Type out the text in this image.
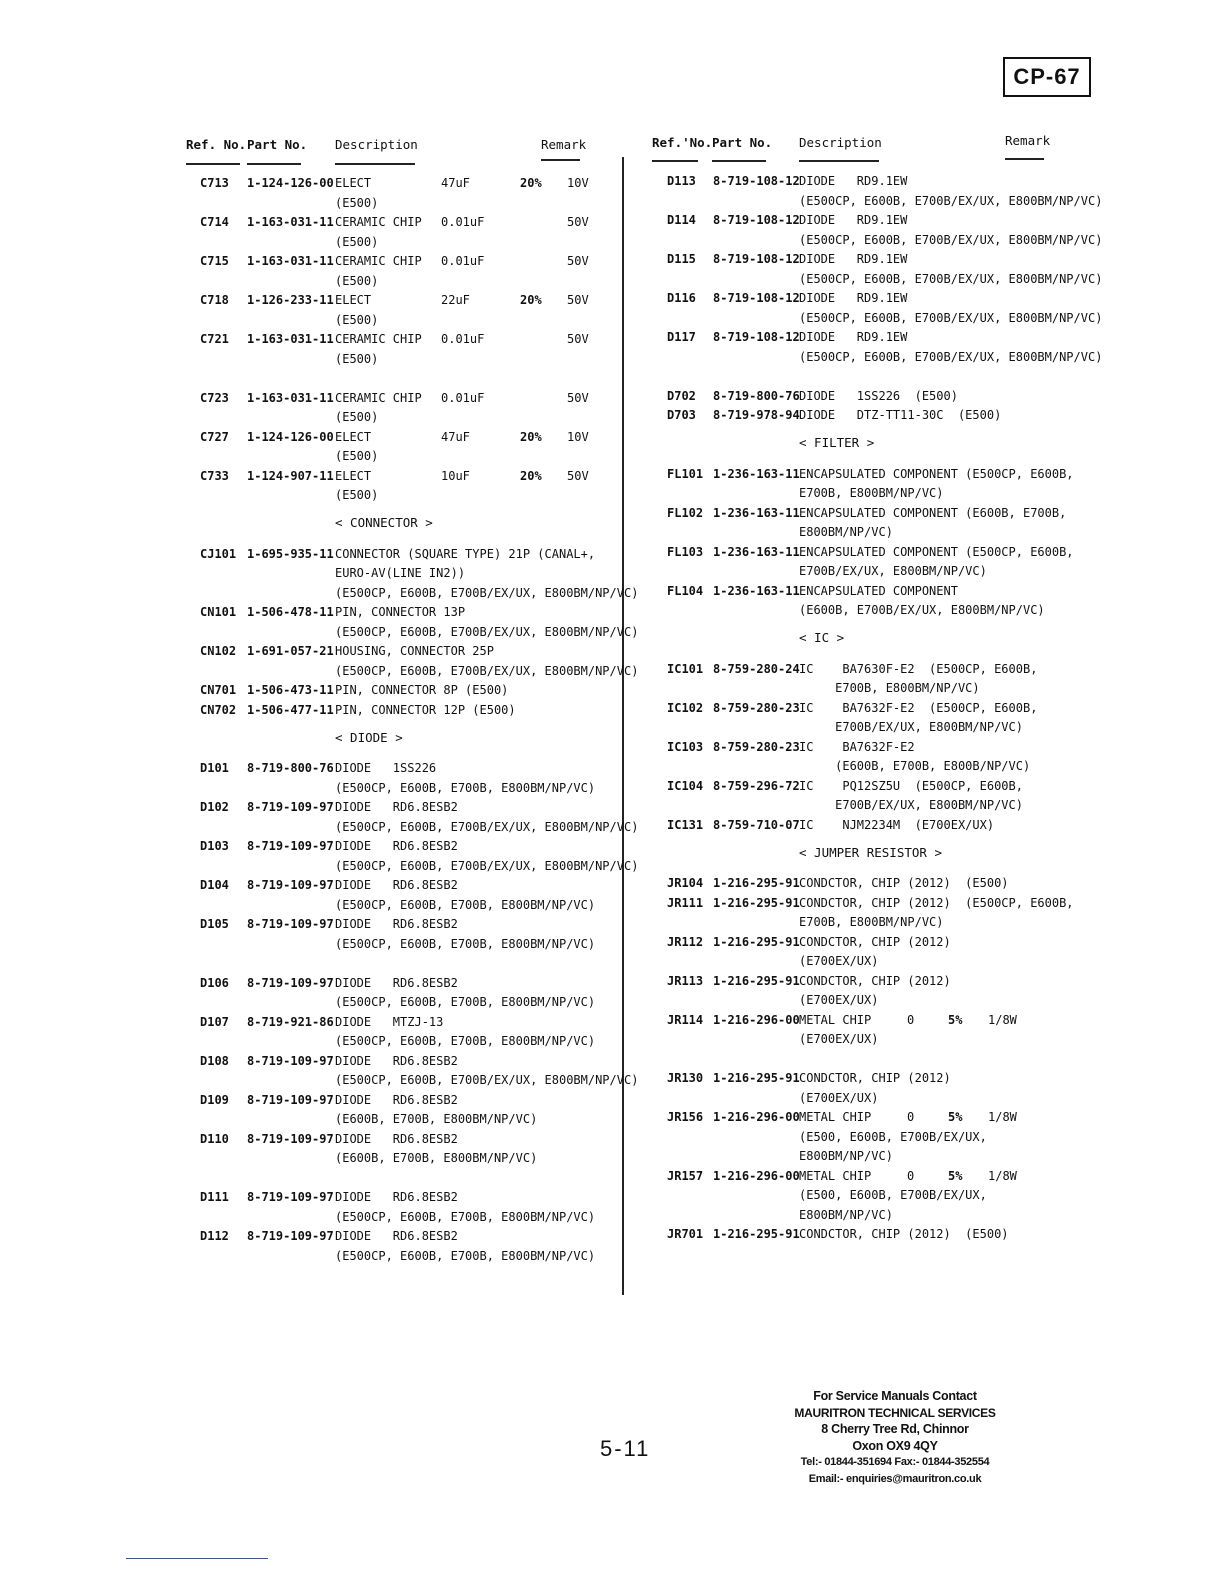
CP-67
Ref. No. Part No. Description	Remark	Ref.'No. Part No. Description	Remark
C713 1-124-126-00 ELECT	47uF	20% 10V
(E500)
C714 1-163-031-11 CERAMIC CHIP 0.01uF	50V
(E500)
C715 1-163-031-11 CERAMIC CHIP 0.01uF	50V
(E500)
C718 1-126-233-11 ELECT	22uF	20% 50V
(E500)
C721 1-163-031-11 CERAMIC CHIP 0.01uF	50V
(E500)
C723 1-163-031-11 CERAMIC CHIP 0.01uF	50V
(E500)
C727 1-124-126-00 ELECT	47uF	20% 10V
(E500)
C733 1-124-907-11 ELECT	10uF	20% 50V
(E500)
< CONNECTOR >
CJ101 1-695-935-11 CONNECTOR (SQUARE TYPE) 21P (CANAL+,
EURO-AV(LINE IN2))
(E500CP, E600B, E700B/EX/UX, E800BM/NP/VC)
CN101 1-506-478-11 PIN, CONNECTOR 13P
(E500CP, E600B, E700B/EX/UX, E800BM/NP/VC)
CN102 1-691-057-21 HOUSING, CONNECTOR 25P
(E500CP, E600B, E700B/EX/UX, E800BM/NP/VC)
CN701 1-506-473-11 PIN, CONNECTOR 8P (E500)
CN702 1-506-477-11 PIN, CONNECTOR 12P (E500)
< DIODE >
D101 8-719-800-76 DIODE   1SS226
(E500CP, E600B, E700B, E800BM/NP/VC)
D102 8-719-109-97 DIODE   RD6.8ESB2
(E500CP, E600B, E700B/EX/UX, E800BM/NP/VC)
D103 8-719-109-97 DIODE   RD6.8ESB2
(E500CP, E600B, E700B/EX/UX, E800BM/NP/VC)
D104 8-719-109-97 DIODE   RD6.8ESB2
(E500CP, E600B, E700B, E800BM/NP/VC)
D105 8-719-109-97 DIODE   RD6.8ESB2
(E500CP, E600B, E700B, E800BM/NP/VC)
D106 8-719-109-97 DIODE   RD6.8ESB2
(E500CP, E600B, E700B, E800BM/NP/VC)
D107 8-719-921-86 DIODE   MTZJ-13
(E500CP, E600B, E700B, E800BM/NP/VC)
D108 8-719-109-97 DIODE   RD6.8ESB2
(E500CP, E600B, E700B/EX/UX, E800BM/NP/VC)
D109 8-719-109-97 DIODE   RD6.8ESB2
(E600B, E700B, E800BM/NP/VC)
D110 8-719-109-97 DIODE   RD6.8ESB2
(E600B, E700B, E800BM/NP/VC)
D111 8-719-109-97 DIODE   RD6.8ESB2
(E500CP, E600B, E700B, E800BM/NP/VC)
D112 8-719-109-97 DIODE   RD6.8ESB2
(E500CP, E600B, E700B, E800BM/NP/VC)
D113 8-719-108-12 DIODE   RD9.1EW
(E500CP, E600B, E700B/EX/UX, E800BM/NP/VC)
D114 8-719-108-12 DIODE   RD9.1EW
(E500CP, E600B, E700B/EX/UX, E800BM/NP/VC)
D115 8-719-108-12 DIODE   RD9.1EW
(E500CP, E600B, E700B/EX/UX, E800BM/NP/VC)
D116 8-719-108-12 DIODE   RD9.1EW
(E500CP, E600B, E700B/EX/UX, E800BM/NP/VC)
D117 8-719-108-12 DIODE   RD9.1EW
(E500CP, E600B, E700B/EX/UX, E800BM/NP/VC)
D702 8-719-800-76 DIODE   1SS226  (E500)
D703 8-719-978-94 DIODE   DTZ-TT11-30C  (E500)
< FILTER >
FL101 1-236-163-11 ENCAPSULATED COMPONENT (E500CP, E600B,
E700B, E800BM/NP/VC)
FL102 1-236-163-11 ENCAPSULATED COMPONENT (E600B, E700B,
E800BM/NP/VC)
FL103 1-236-163-11 ENCAPSULATED COMPONENT (E500CP, E600B,
E700B/EX/UX, E800BM/NP/VC)
FL104 1-236-163-11 ENCAPSULATED COMPONENT
(E600B, E700B/EX/UX, E800BM/NP/VC)
< IC >
IC101 8-759-280-24 IC    BA7630F-E2  (E500CP, E600B,
E700B, E800BM/NP/VC)
IC102 8-759-280-23 IC    BA7632F-E2  (E500CP, E600B,
E700B/EX/UX, E800BM/NP/VC)
IC103 8-759-280-23 IC    BA7632F-E2
(E600B, E700B, E800B/NP/VC)
IC104 8-759-296-72 IC    PQ12SZ5U  (E500CP, E600B,
E700B/EX/UX, E800BM/NP/VC)
IC131 8-759-710-07 IC    NJM2234M  (E700EX/UX)
< JUMPER RESISTOR >
JR104 1-216-295-91 CONDCTOR, CHIP (2012)  (E500)
JR111 1-216-295-91 CONDCTOR, CHIP (2012)  (E500CP, E600B,
E700B, E800BM/NP/VC)
JR112 1-216-295-91 CONDCTOR, CHIP (2012)
(E700EX/UX)
JR113 1-216-295-91 CONDCTOR, CHIP (2012)
(E700EX/UX)
JR114 1-216-296-00 METAL CHIP	0	5% 1/8W
(E700EX/UX)
JR130 1-216-295-91 CONDCTOR, CHIP (2012)
(E700EX/UX)
JR156 1-216-296-00 METAL CHIP	0	5% 1/8W
(E500, E600B, E700B/EX/UX,
E800BM/NP/VC)
JR157 1-216-296-00 METAL CHIP	0	5% 1/8W
(E500, E600B, E700B/EX/UX,
E800BM/NP/VC)
JR701 1-216-295-91 CONDCTOR, CHIP (2012)  (E500)
5-11
For Service Manuals Contact
MAURITRON TECHNICAL SERVICES
8 Cherry Tree Rd, Chinnor
Oxon OX9 4QY
Tel:- 01844-351694 Fax:- 01844-352554
Email:- enquiries@mauritron.co.uk
